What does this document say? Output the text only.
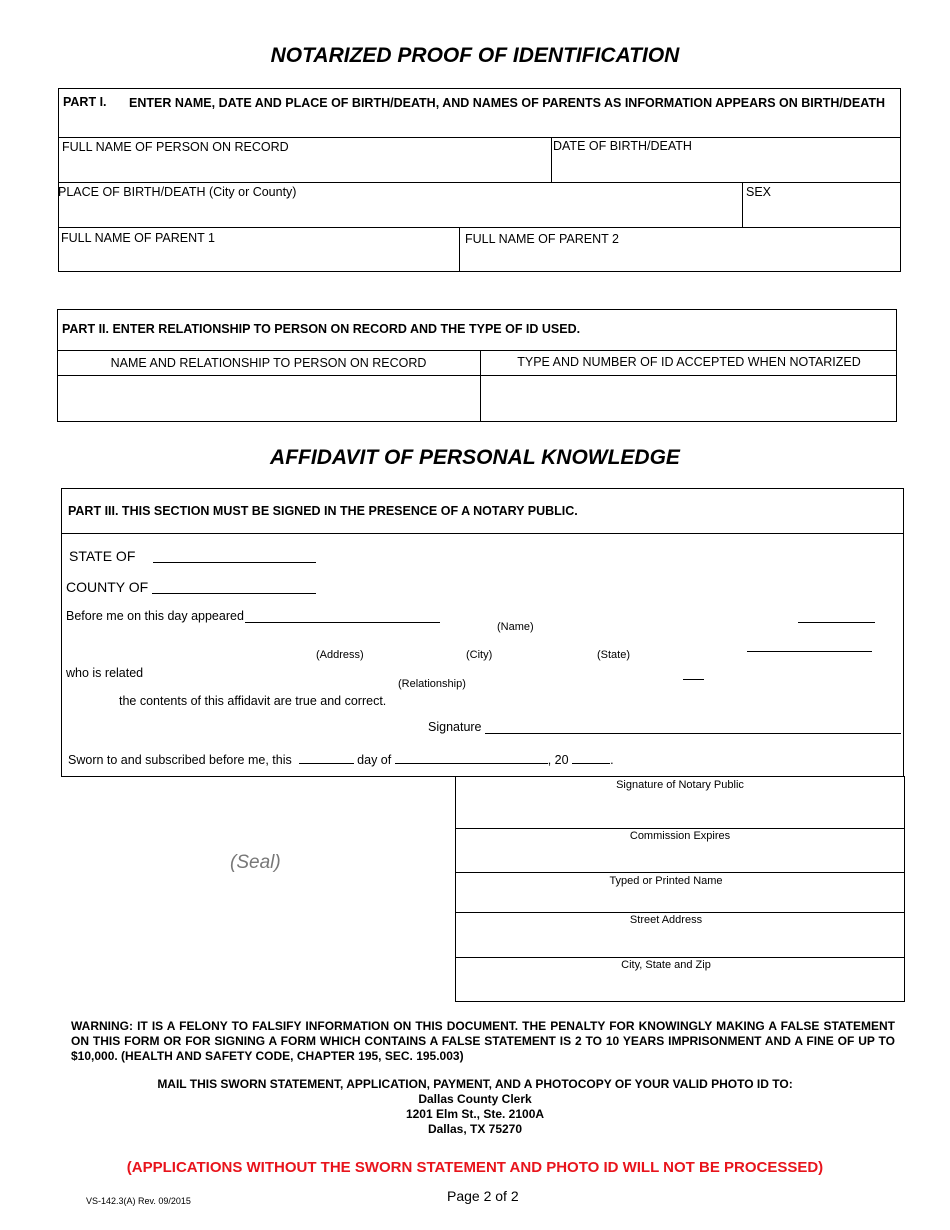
NOTARIZED PROOF OF IDENTIFICATION
PART I. ENTER NAME, DATE AND PLACE OF BIRTH/DEATH, AND NAMES OF PARENTS AS INFORMATION APPEARS ON BIRTH/DEATH
FULL NAME OF PERSON ON RECORD	DATE OF BIRTH/DEATH
PLACE OF BIRTH/DEATH (City or County)	SEX
FULL NAME OF PARENT 1	FULL NAME OF PARENT 2
PART II. ENTER RELATIONSHIP TO PERSON ON RECORD AND THE TYPE OF ID USED.
NAME AND RELATIONSHIP TO PERSON ON RECORD	TYPE AND NUMBER OF ID ACCEPTED WHEN NOTARIZED
AFFIDAVIT OF PERSONAL KNOWLEDGE
PART III. THIS SECTION MUST BE SIGNED IN THE PRESENCE OF A NOTARY PUBLIC.
STATE OF
COUNTY OF
Before me on this day appeared
(Name)
(Address)	(City)	(State)
who is related
(Relationship)
the contents of this affidavit are true and correct.
Signature
Sworn to and subscribed before me, this	day of	, 20	.
(Seal)
Signature of Notary Public
Commission Expires
Typed or Printed Name
Street Address
City, State and Zip
WARNING: IT IS A FELONY TO FALSIFY INFORMATION ON THIS DOCUMENT. THE PENALTY FOR KNOWINGLY MAKING A FALSE STATEMENT ON THIS FORM OR FOR SIGNING A FORM WHICH CONTAINS A FALSE STATEMENT IS 2 TO 10 YEARS IMPRISONMENT AND A FINE OF UP TO $10,000. (HEALTH AND SAFETY CODE, CHAPTER 195, SEC. 195.003)
MAIL THIS SWORN STATEMENT, APPLICATION, PAYMENT, AND A PHOTOCOPY OF YOUR VALID PHOTO ID TO:
Dallas County Clerk
1201 Elm St., Ste. 2100A
Dallas, TX 75270
(APPLICATIONS WITHOUT THE SWORN STATEMENT AND PHOTO ID WILL NOT BE PROCESSED)
VS-142.3(A) Rev. 09/2015	Page 2 of 2
